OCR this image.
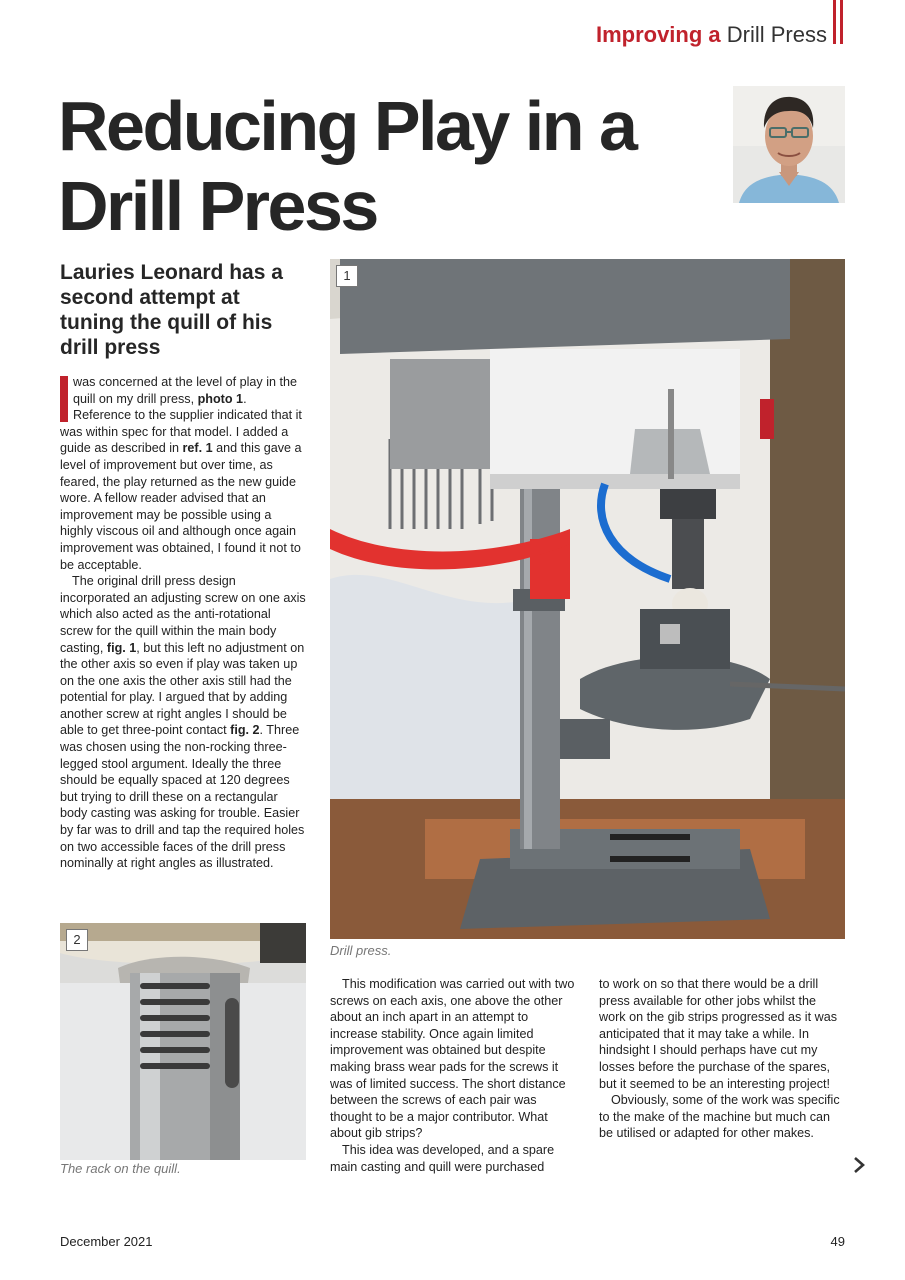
Improving a Drill Press
Reducing Play in a
Drill Press
Lauries Leonard has a second attempt at tuning the quill of his drill press

was concerned at the level of play in the quill on my drill press, photo 1. Reference to the supplier indicated that it was within spec for that model. I added a guide as described in ref. 1 and this gave a level of improvement but over time, as feared, the play returned as the new guide wore. A fellow reader advised that an improvement may be possible using a highly viscous oil and although once again improvement was obtained, I found it not to be acceptable.

The original drill press design incorporated an adjusting screw on one axis which also acted as the anti-rotational screw for the quill within the main body casting, fig. 1, but this left no adjustment on the other axis so even if play was taken up on the one axis the other axis still had the potential for play. I argued that by adding another screw at right angles I should be able to get three-point contact fig. 2. Three was chosen using the non-rocking three-legged stool argument. Ideally the three should be equally spaced at 120 degrees but trying to drill these on a rectangular body casting was asking for trouble. Easier by far was to drill and tap the required holes on two accessible faces of the drill press nominally at right angles as illustrated.

1
Drill press.
2
The rack on the quill.

This modification was carried out with two screws on each axis, one above the other about an inch apart in an attempt to increase stability. Once again limited improvement was obtained but despite making brass wear pads for the screws it was of limited success. The short distance between the screws of each pair was thought to be a major contributor. What about gib strips?

This idea was developed, and a spare main casting and quill were purchased

to work on so that there would be a drill press available for other jobs whilst the work on the gib strips progressed as it was anticipated that it may take a while. In hindsight I should perhaps have cut my losses before the purchase of the spares, but it seemed to be an interesting project!

Obviously, some of the work was specific to the make of the machine but much can be utilised or adapted for other makes.

December 2021	49
